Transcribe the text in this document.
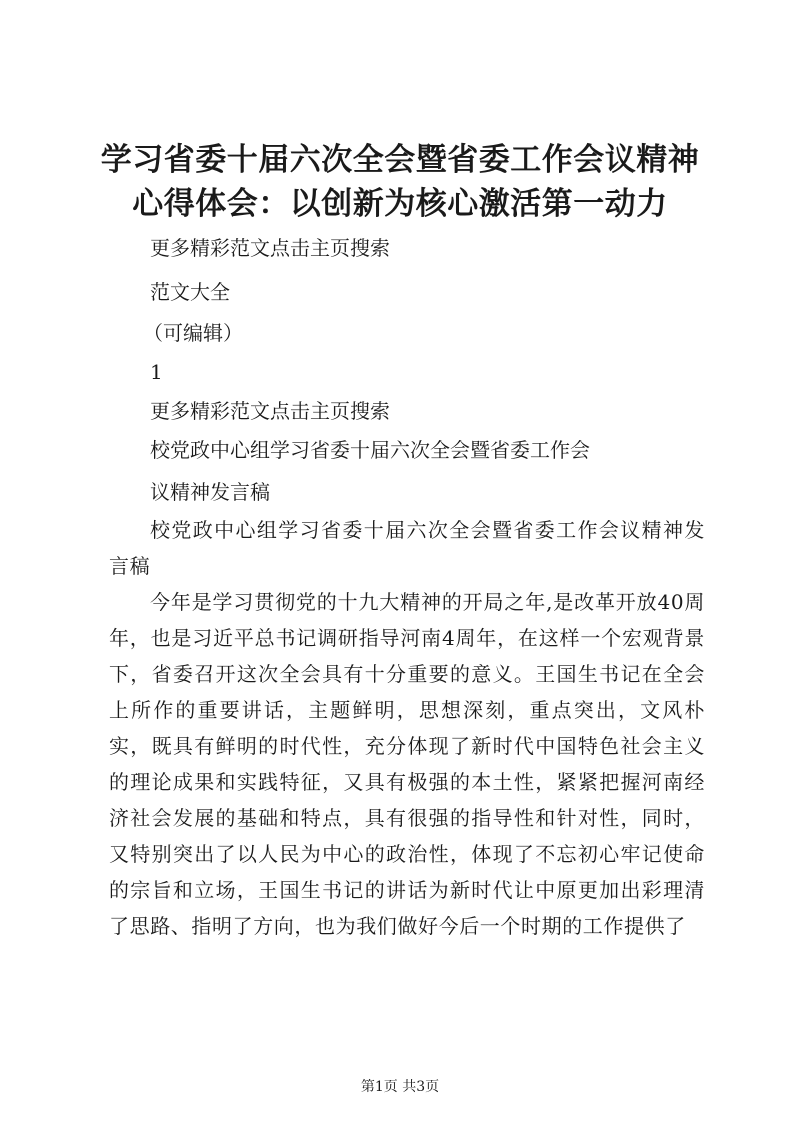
学习省委十届六次全会暨省委工作会议精神心得体会：以创新为核心激活第一动力

更多精彩范文点击主页搜索

范文大全

（可编辑）

1

更多精彩范文点击主页搜索

校党政中心组学习省委十届六次全会暨省委工作会

议精神发言稿

校党政中心组学习省委十届六次全会暨省委工作会议精神发言稿

今年是学习贯彻党的十九大精神的开局之年,是改革开放40周年，也是习近平总书记调研指导河南4周年，在这样一个宏观背景下，省委召开这次全会具有十分重要的意义。王国生书记在全会上所作的重要讲话，主题鲜明，思想深刻，重点突出，文风朴实，既具有鲜明的时代性，充分体现了新时代中国特色社会主义的理论成果和实践特征，又具有极强的本土性，紧紧把握河南经济社会发展的基础和特点，具有很强的指导性和针对性，同时，又特别突出了以人民为中心的政治性，体现了不忘初心牢记使命的宗旨和立场，王国生书记的讲话为新时代让中原更加出彩理清了思路、指明了方向，也为我们做好今后一个时期的工作提供了

第1页 共3页
